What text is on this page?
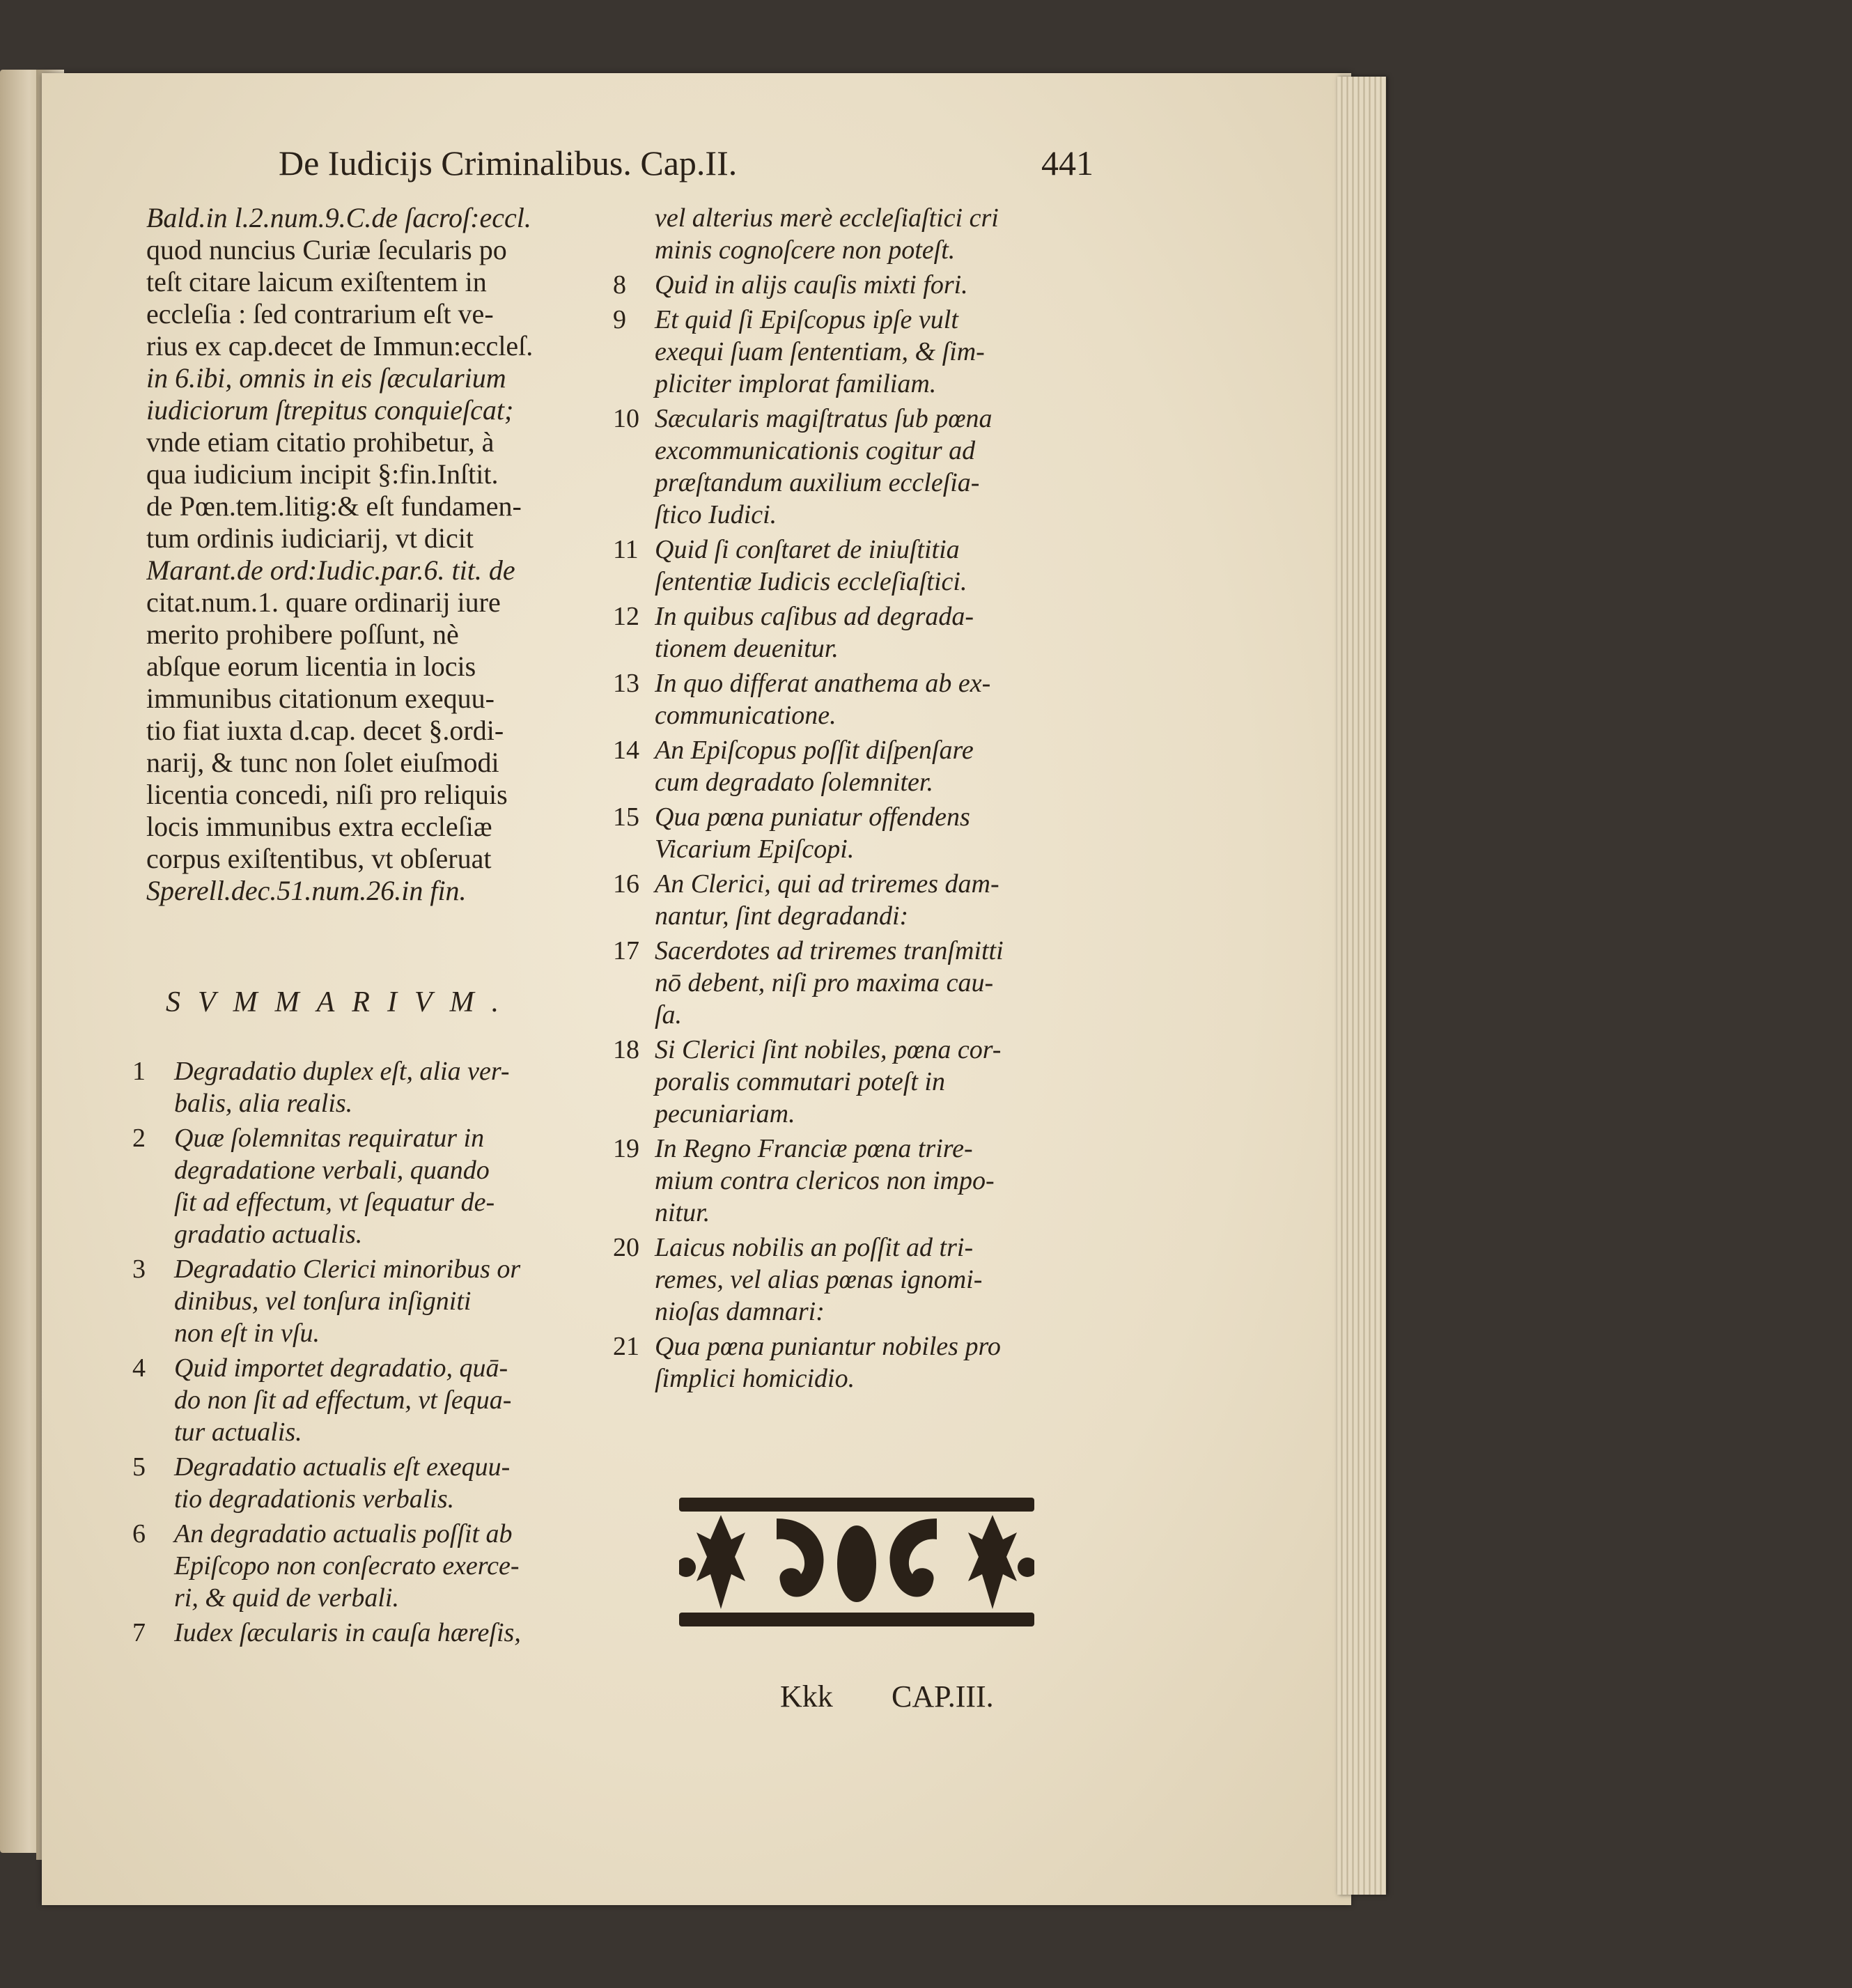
De Iudicijs Criminalibus. Cap.II.	441
Bald.in l.2.num.9.C.de ſacroſ:eccl.
quod nuncius Curiæ ſecularis po
teſt citare laicum exiſtentem in
eccleſia : ſed contrarium eſt ve-
rius ex cap.decet de Immun:eccleſ.
in 6.ibi, omnis in eis ſæcularium
iudiciorum ſtrepitus conquieſcat;
vnde etiam citatio prohibetur, à
qua iudicium incipit §:fin.Inſtit.
de Pœn.tem.litig:& eſt fundamen-
tum ordinis iudiciarij, vt dicit
Marant.de ord:Iudic.par.6. tit. de
citat.num.1. quare ordinarij iure
merito prohibere poſſunt, nè
abſque eorum licentia in locis
immunibus citationum exequu-
tio fiat iuxta d.cap. decet §.ordi-
narij, & tunc non ſolet eiuſmodi
licentia concedi, niſi pro reliquis
locis immunibus extra eccleſiæ
corpus exiſtentibus, vt obſeruat
Sperell.dec.51.num.26.in fin.
SVMMARIVM.
1	Degradatio duplex eſt, alia ver-
balis, alia realis.
2	Quæ ſolemnitas requiratur in
degradatione verbali, quando
ſit ad effectum, vt ſequatur de-
gradatio actualis.
3	Degradatio Clerici minoribus or
dinibus, vel tonſura inſigniti
non eſt in vſu.
4	Quid importet degradatio, quā-
do non ſit ad effectum, vt ſequa-
tur actualis.
5	Degradatio actualis eſt exequu-
tio degradationis verbalis.
6	An degradatio actualis poſſit ab
Epiſcopo non conſecrato exerce-
ri, & quid de verbali.
7	Iudex ſæcularis in cauſa hæreſis,
vel alterius merè eccleſiaſtici cri
minis cognoſcere non poteſt.
8	Quid in alijs cauſis mixti fori.
9	Et quid ſi Epiſcopus ipſe vult
exequi ſuam ſententiam, & ſim-
pliciter implorat familiam.
10 Sæcularis magiſtratus ſub pœna
excommunicationis cogitur ad
præſtandum auxilium eccleſia-
ſtico Iudici.
11 Quid ſi conſtaret de iniuſtitia
ſententiæ Iudicis eccleſiaſtici.
12 In quibus caſibus ad degrada-
tionem deuenitur.
13 In quo differat anathema ab ex-
communicatione.
14 An Epiſcopus poſſit diſpenſare
cum degradato ſolemniter.
15 Qua pœna puniatur offendens
Vicarium Epiſcopi.
16 An Clerici, qui ad triremes dam-
nantur, ſint degradandi:
17 Sacerdotes ad triremes tranſmitti
nō debent, niſi pro maxima cau-
ſa.
18 Si Clerici ſint nobiles, pœna cor-
poralis commutari poteſt in
pecuniariam.
19 In Regno Franciæ pœna trire-
mium contra clericos non impo-
nitur.
20 Laicus nobilis an poſſit ad tri-
remes, vel alias pœnas ignomi-
nioſas damnari:
21 Qua pœna puniantur nobiles pro
ſimplici homicidio.
Kkk CAP.III.
